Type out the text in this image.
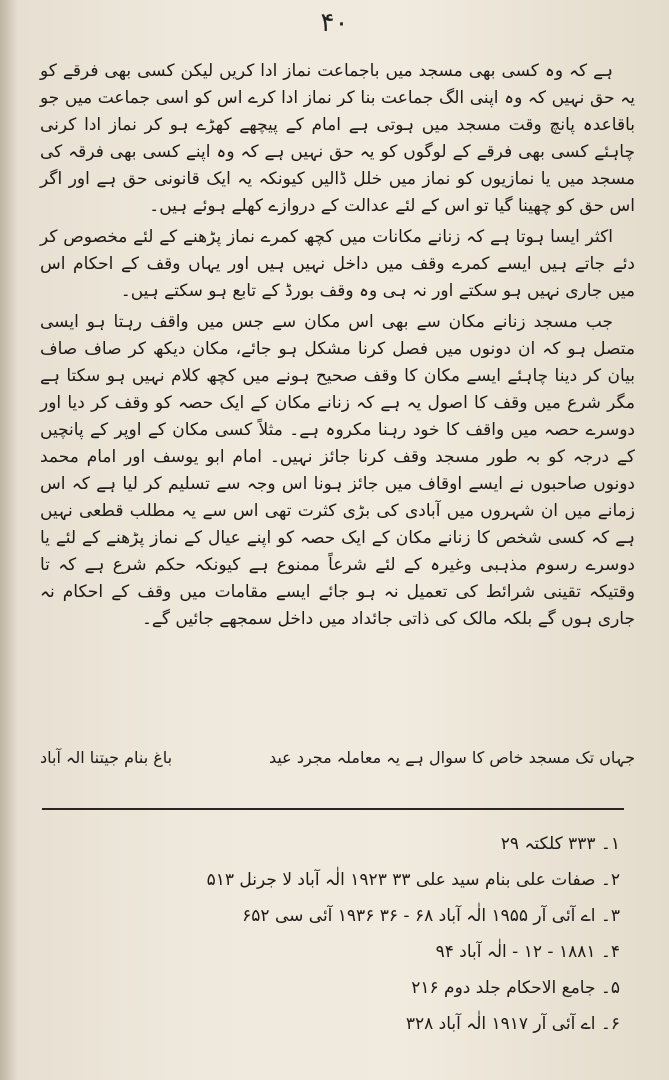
۴۰

ہے کہ وہ کسی بھی مسجد میں باجماعت نماز ادا کریں لیکن کسی بھی فرقے کو یہ حق نہیں کہ وہ اپنی الگ جماعت بنا کر نماز ادا کرے اس کو اسی جماعت میں جو باقاعدہ پانچ وقت مسجد میں ہوتی ہے امام کے پیچھے کھڑے ہو کر نماز ادا کرنی چاہئے کسی بھی فرقے کے لوگوں کو یہ حق نہیں ہے کہ وہ اپنے کسی بھی فرقہ کی مسجد میں یا نمازیوں کو نماز میں خلل ڈالیں کیونکہ یہ ایک قانونی حق ہے اور اگر اس حق کو چھینا گیا تو اس کے لئے عدالت کے دروازے کھلے ہوئے ہیں۔

اکثر ایسا ہوتا ہے کہ زنانے مکانات میں کچھ کمرے نماز پڑھنے کے لئے مخصوص کر دئے جاتے ہیں ایسے کمرے وقف میں داخل نہیں ہیں اور یہاں وقف کے احکام اس میں جاری نہیں ہو سکتے اور نہ ہی وہ وقف بورڈ کے تابع ہو سکتے ہیں۔

جب مسجد زنانے مکان سے بھی اس مکان سے جس میں واقف رہتا ہو ایسی متصل ہو کہ ان دونوں میں فصل کرنا مشکل ہو جائے، مکان دیکھ کر صاف صاف بیان کر دینا چاہئے ایسے مکان کا وقف صحیح ہونے میں کچھ کلام نہیں ہو سکتا ہے مگر شرع میں وقف کا اصول یہ ہے کہ زنانے مکان کے ایک حصہ کو وقف کر دیا اور دوسرے حصہ میں واقف کا خود رہنا مکروہ ہے۔ مثلاً کسی مکان کے اوپر کے پانچیں کے درجہ کو بہ طور مسجد وقف کرنا جائز نہیں۔ امام ابو یوسف اور امام محمد دونوں صاحبوں نے ایسے اوقاف میں جائز ہونا اس وجہ سے تسلیم کر لیا ہے کہ اس زمانے میں ان شہروں میں آبادی کی بڑی کثرت تھی اس سے یہ مطلب قطعی نہیں ہے کہ کسی شخص کا زنانے مکان کے ایک حصہ کو اپنے عیال کے نماز پڑھنے کے لئے یا دوسرے رسوم مذہبی وغیرہ کے لئے شرعاً ممنوع ہے کیونکہ حکم شرع ہے کہ تا وقتیکہ تقینی شرائط کی تعمیل نہ ہو جائے ایسے مقامات میں وقف کے احکام نہ جاری ہوں گے بلکہ مالک کی ذاتی جائداد میں داخل سمجھے جائیں گے۔

جہاں تک مسجد خاص کا سوال ہے یہ معاملہ مجرد عید
باغ بنام جیتنا الہ آباد
۱۔ ۳۳۳ کلکتہ ۲۹
۲۔ صفات علی بنام سید علی ۳۳ ۱۹۲۳ الٰہ آباد لا جرنل ۵۱۳
۳۔ اے آئی آر ۱۹۵۵ الٰہ آباد ۶۸ - ۳۶ ۱۹۳۶ آئی سی ۶۵۲
۴۔ ۱۸۸۱ - ۱۲ - الٰہ آباد ۹۴
۵۔ جامع الاحکام جلد دوم ۲۱۶
۶۔ اے آئی آر ۱۹۱۷ الٰہ آباد ۳۲۸
